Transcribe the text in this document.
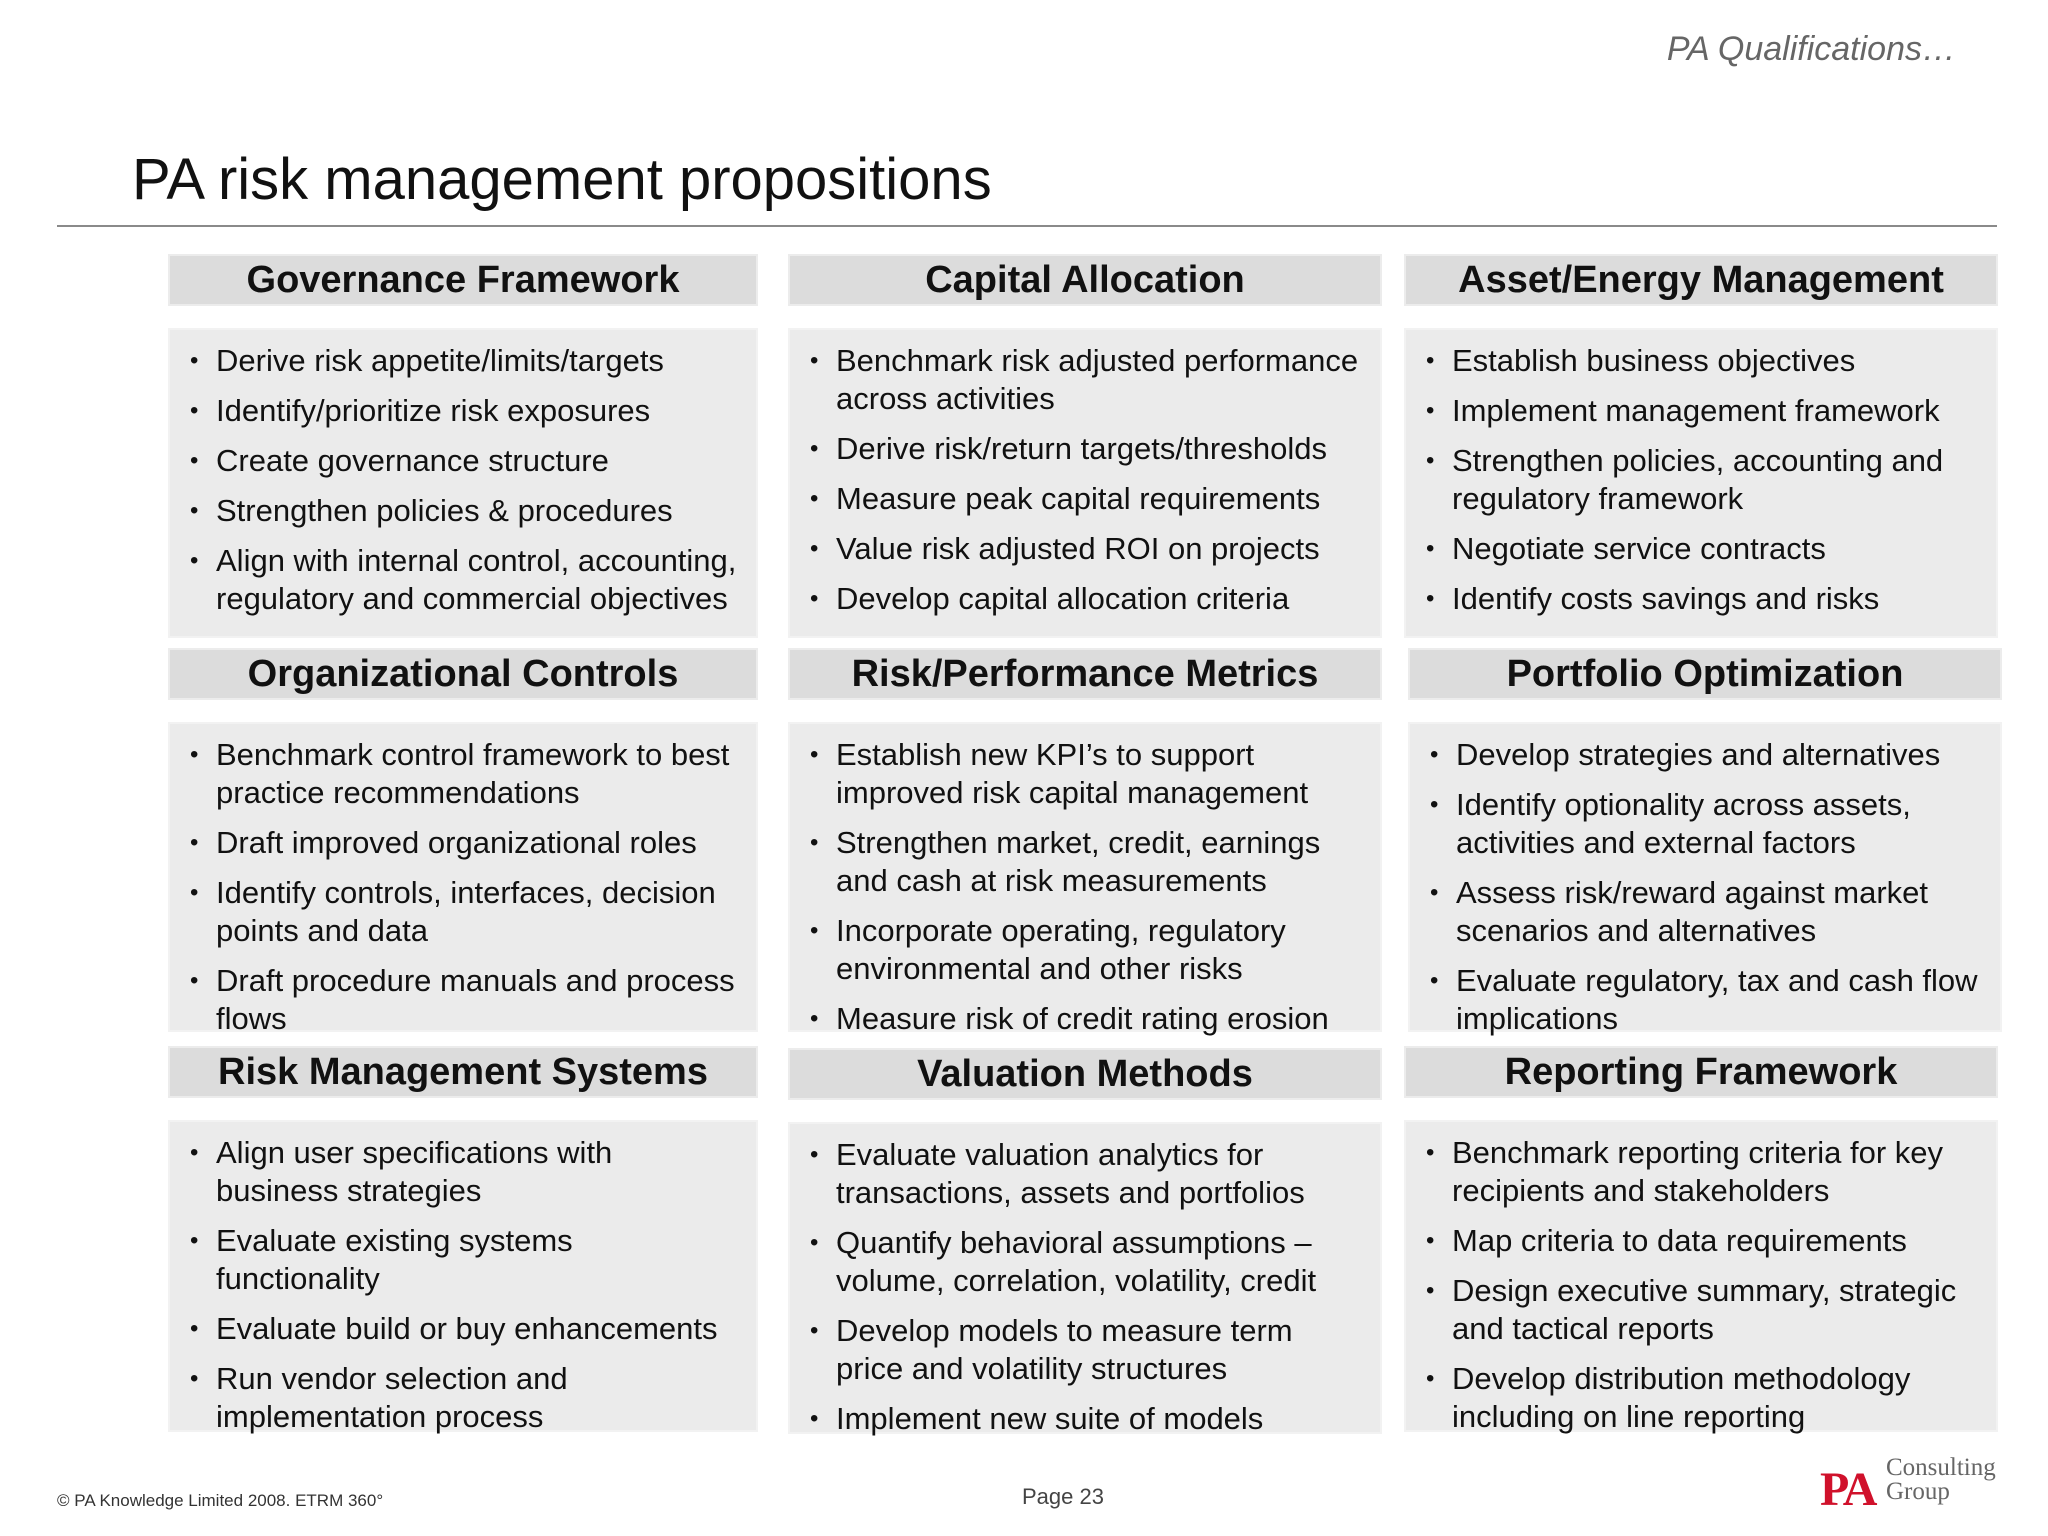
PA Qualifications…
PA risk management propositions
Governance Framework
• Derive risk appetite/limits/targets
• Identify/prioritize risk exposures
• Create governance structure
• Strengthen policies & procedures
• Align with internal control, accounting, regulatory and commercial objectives
Capital Allocation
• Benchmark risk adjusted performance across activities
• Derive risk/return targets/thresholds
• Measure peak capital requirements
• Value risk adjusted ROI on projects
• Develop capital allocation criteria
Asset/Energy Management
• Establish business objectives
• Implement management framework
• Strengthen policies, accounting and regulatory framework
• Negotiate service contracts
• Identify costs savings and risks
Organizational Controls
• Benchmark control framework to best practice recommendations
• Draft improved organizational roles
• Identify controls, interfaces, decision points and data
• Draft procedure manuals and process flows
Risk/Performance Metrics
• Establish new KPI’s to support improved risk capital management
• Strengthen market, credit, earnings and cash at risk measurements
• Incorporate operating, regulatory environmental and other risks
• Measure risk of credit rating erosion
Portfolio Optimization
• Develop strategies and alternatives
• Identify optionality across assets, activities and external factors
• Assess risk/reward against market scenarios and alternatives
• Evaluate regulatory, tax and cash flow implications
Risk Management Systems
• Align user specifications with business strategies
• Evaluate existing systems functionality
• Evaluate build or buy enhancements
• Run vendor selection and implementation process
Valuation Methods
• Evaluate valuation analytics for transactions, assets and portfolios
• Quantify behavioral assumptions – volume, correlation, volatility, credit
• Develop models to measure term price and volatility structures
• Implement new suite of models
Reporting Framework
• Benchmark reporting criteria for key recipients and stakeholders
• Map criteria to data requirements
• Design executive summary, strategic and tactical reports
• Develop distribution methodology including on line reporting
© PA Knowledge Limited 2008. ETRM 360°	Page 23	PA Consulting
Group
